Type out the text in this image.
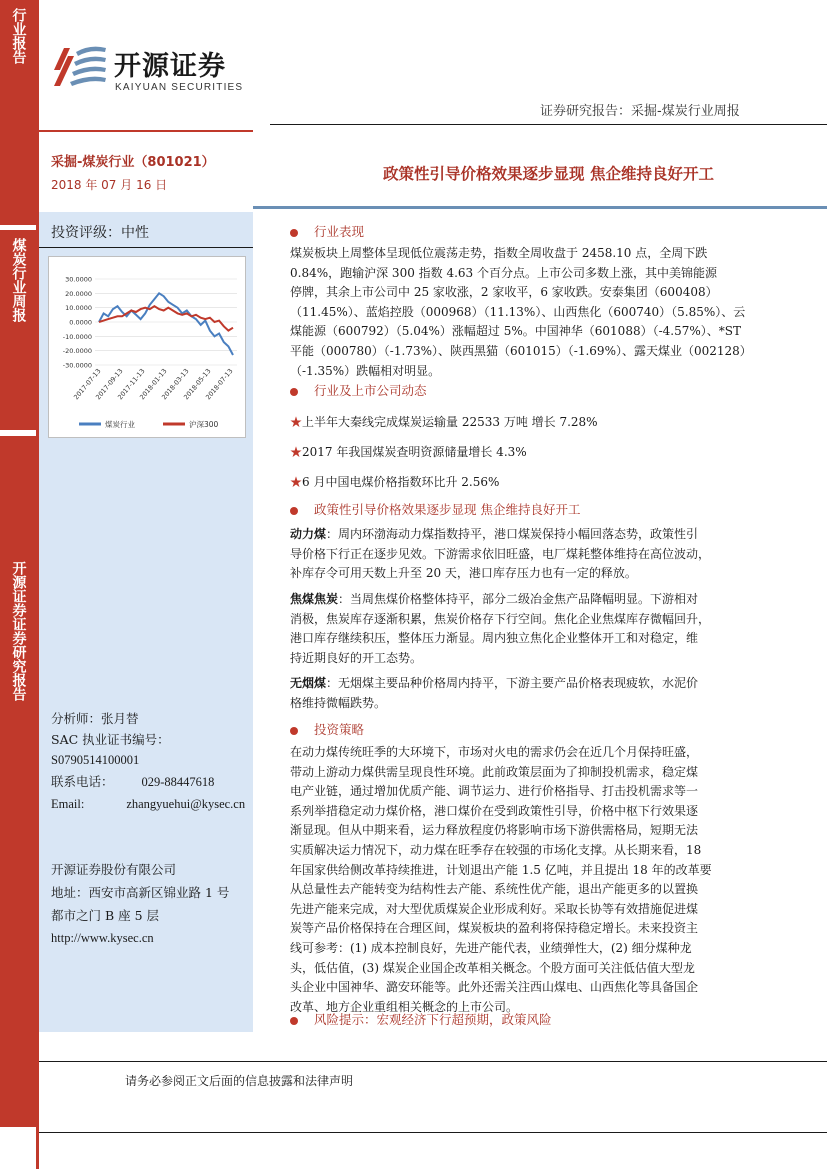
行业报告
煤炭行业周报
开源证券证券研究报告
开源证券
KAIYUAN SECURITIES
证券研究报告：采掘-煤炭行业周报
采掘-煤炭行业（801021）
2018 年 07 月 16 日
投资评级：中性
30.0000
20.0000
10.0000
0.0000
-10.0000
-20.0000
-30.0000
2017-07-13
2017-09-13
2017-11-13
2018-01-13
2018-03-13
2018-05-13
2018-07-13
煤炭行业	沪深300
分析师：张月替
SAC 执业证书编号：
S0790514100001
联系电话： 029-88447618
Email:	zhangyuehui@kysec.cn
开源证券股份有限公司
地址：西安市高新区锦业路 1 号
都市之门 B 座 5 层
http://www.kysec.cn
政策性引导价格效果逐步显现 焦企维持良好开工
行业表现
煤炭板块上周整体呈现低位震荡走势，指数全周收盘于 2458.10 点，全周下跌
0.84%，跑输沪深 300 指数 4.63 个百分点。上市公司多数上涨，其中美锦能源
停牌，其余上市公司中 25 家收涨，2 家收平，6 家收跌。安泰集团（600408）
（11.45%）、蓝焰控股（000968）（11.13%）、山西焦化（600740）（5.85%）、云
煤能源（600792）（5.04%）涨幅超过 5%。中国神华（601088）（-4.57%）、*ST
平能（000780）（-1.73%）、陕西黑猫（601015）（-1.69%）、露天煤业（002128）
（-1.35%）跌幅相对明显。
行业及上市公司动态
★上半年大秦线完成煤炭运输量 22533 万吨 增长 7.28%
★2017 年我国煤炭查明资源储量增长 4.3%
★6 月中国电煤价格指数环比升 2.56%
政策性引导价格效果逐步显现 焦企维持良好开工
动力煤：周内环渤海动力煤指数持平，港口煤炭保持小幅回落态势，政策性引
导价格下行正在逐步见效。下游需求依旧旺盛，电厂煤耗整体维持在高位波动，
补库存令可用天数上升至 20 天，港口库存压力也有一定的释放。
焦煤焦炭：当周焦煤价格整体持平，部分二级冶金焦产品降幅明显。下游相对
消极，焦炭库存逐渐积累，焦炭价格存下行空间。焦化企业焦煤库存微幅回升，
港口库存继续积压，整体压力渐显。周内独立焦化企业整体开工和对稳定，维
持近期良好的开工态势。
无烟煤：无烟煤主要品种价格周内持平，下游主要产品价格表现疲软，水泥价
格维持微幅跌势。
投资策略
在动力煤传统旺季的大环境下，市场对火电的需求仍会在近几个月保持旺盛，
带动上游动力煤供需呈现良性环境。此前政策层面为了抑制投机需求，稳定煤
电产业链，通过增加优质产能、调节运力、进行价格指导、打击投机需求等一
系列举措稳定动力煤价格，港口煤价在受到政策性引导，价格中枢下行效果逐
渐显现。但从中期来看，运力释放程度仍将影响市场下游供需格局，短期无法
实质解决运力情况下，动力煤在旺季存在较强的市场化支撑。从长期来看，18
年国家供给侧改革持续推进，计划退出产能 1.5 亿吨，并且提出 18 年的改革要
从总量性去产能转变为结构性去产能、系统性优产能，退出产能更多的以置换
先进产能来完成，对大型优质煤炭企业形成利好。采取长协等有效措施促进煤
炭等产品价格保持在合理区间，煤炭板块的盈利将保持稳定增长。未来投资主
线可参考：(1) 成本控制良好，先进产能代表，业绩弹性大，(2) 细分煤种龙
头，低估值，(3) 煤炭企业国企改革相关概念。个股方面可关注低估值大型龙
头企业中国神华、潞安环能等。此外还需关注西山煤电、山西焦化等具备国企
改革、地方企业重组相关概念的上市公司。
风险提示：宏观经济下行超预期，政策风险
请务必参阅正文后面的信息披露和法律声明
